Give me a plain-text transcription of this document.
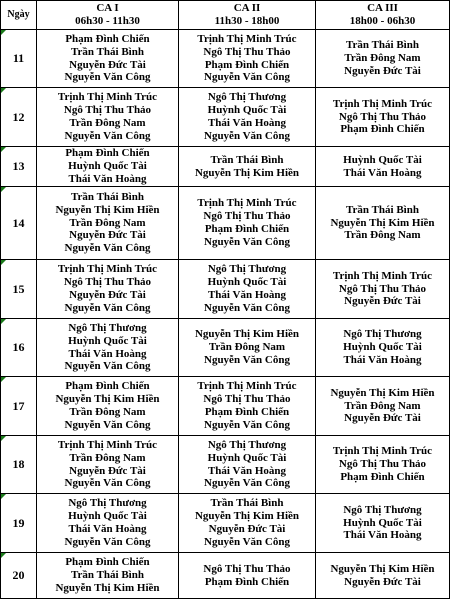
Ngày	CA I
06h30 - 11h30	CA II
11h30 - 18h00	CA III
18h00 - 06h30

11	Phạm Đình Chiến
Trần Thái Bình
Nguyễn Đức Tài
Nguyễn Văn Công	Trịnh Thị Minh Trúc
Ngô Thị Thu Thảo
Phạm Đình Chiến
Nguyễn Văn Công	Trần Thái Bình
Trần Đông Nam
Nguyễn Đức Tài

12	Trịnh Thị Minh Trúc
Ngô Thị Thu Thảo
Trần Đông Nam
Nguyễn Văn Công	Ngô Thị Thương
Huỳnh Quốc Tài
Thái Văn Hoàng
Nguyễn Văn Công	Trịnh Thị Minh Trúc
Ngô Thị Thu Thảo
Phạm Đình Chiến

13	Phạm Đình Chiến
Huỳnh Quốc Tài
Thái Văn Hoàng	Trần Thái Bình
Nguyễn Thị Kim Hiền	Huỳnh Quốc Tài
Thái Văn Hoàng

14	Trần Thái Bình
Nguyễn Thị Kim Hiền
Trần Đông Nam
Nguyễn Đức Tài
Nguyễn Văn Công	Trịnh Thị Minh Trúc
Ngô Thị Thu Thảo
Phạm Đình Chiến
Nguyễn Văn Công	Trần Thái Bình
Nguyễn Thị Kim Hiền
Trần Đông Nam

15	Trịnh Thị Minh Trúc
Ngô Thị Thu Thảo
Nguyễn Đức Tài
Nguyễn Văn Công	Ngô Thị Thương
Huỳnh Quốc Tài
Thái Văn Hoàng
Nguyễn Văn Công	Trịnh Thị Minh Trúc
Ngô Thị Thu Thảo
Nguyễn Đức Tài

16	Ngô Thị Thương
Huỳnh Quốc Tài
Thái Văn Hoàng
Nguyễn Văn Công	Nguyễn Thị Kim Hiền
Trần Đông Nam
Nguyễn Văn Công	Ngô Thị Thương
Huỳnh Quốc Tài
Thái Văn Hoàng

17	Phạm Đình Chiến
Nguyễn Thị Kim Hiền
Trần Đông Nam
Nguyễn Văn Công	Trịnh Thị Minh Trúc
Ngô Thị Thu Thảo
Phạm Đình Chiến
Nguyễn Văn Công	Nguyễn Thị Kim Hiền
Trần Đông Nam
Nguyễn Đức Tài

18	Trịnh Thị Minh Trúc
Trần Đông Nam
Nguyễn Đức Tài
Nguyễn Văn Công	Ngô Thị Thương
Huỳnh Quốc Tài
Thái Văn Hoàng
Nguyễn Văn Công	Trịnh Thị Minh Trúc
Ngô Thị Thu Thảo
Phạm Đình Chiến

19	Ngô Thị Thương
Huỳnh Quốc Tài
Thái Văn Hoàng
Nguyễn Văn Công	Trần Thái Bình
Nguyễn Thị Kim Hiền
Nguyễn Đức Tài
Nguyễn Văn Công	Ngô Thị Thương
Huỳnh Quốc Tài
Thái Văn Hoàng

20	Phạm Đình Chiến
Trần Thái Bình
Nguyễn Thị Kim Hiền	Ngô Thị Thu Thảo
Phạm Đình Chiến	Nguyễn Thị Kim Hiền
Nguyễn Đức Tài
